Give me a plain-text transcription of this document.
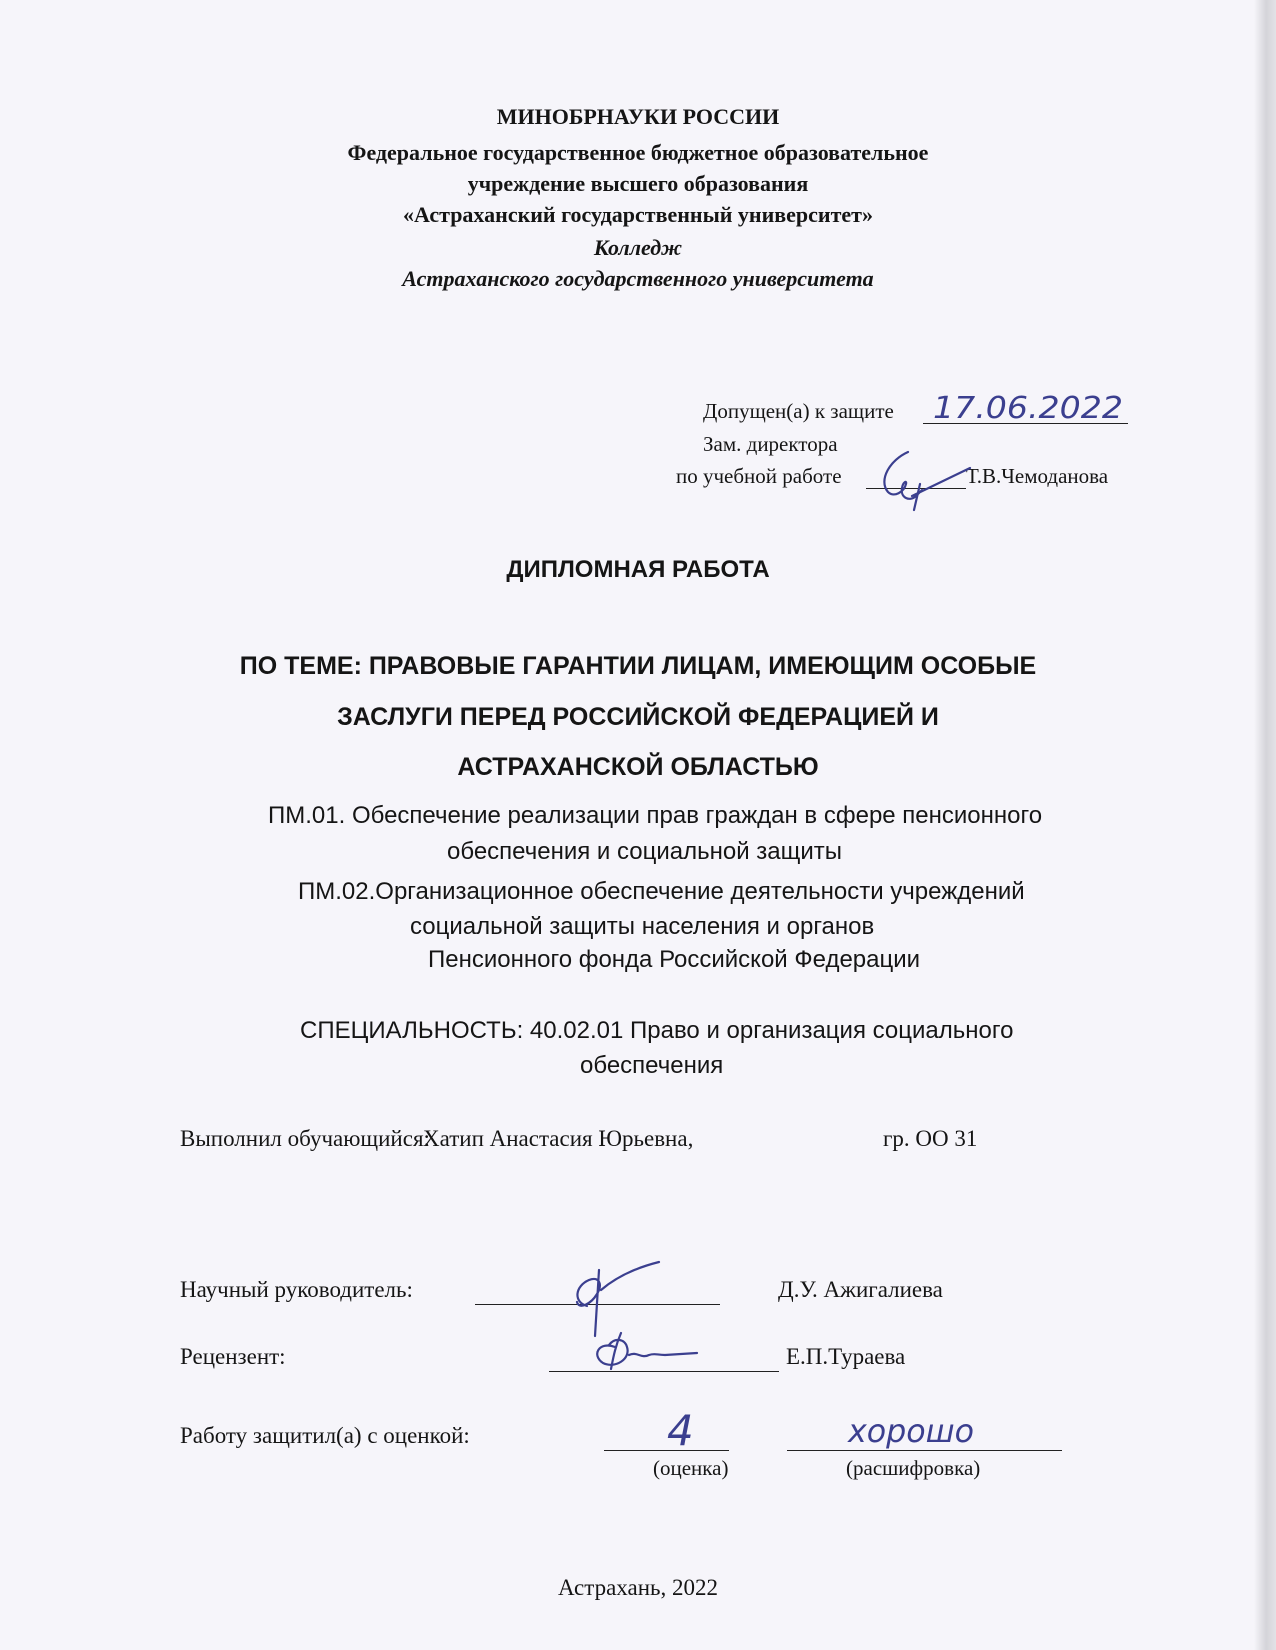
МИНОБРНАУКИ РОССИИ
Федеральное государственное бюджетное образовательное
учреждение высшего образования
«Астраханский государственный университет»
Колледж
Астраханского государственного университета
Допущен(а) к защите 17.06.2022
Зам. директора
по учебной работе	Т.В.Чемоданова
ДИПЛОМНАЯ РАБОТА
ПО ТЕМЕ: ПРАВОВЫЕ ГАРАНТИИ ЛИЦАМ, ИМЕЮЩИМ ОСОБЫЕ
ЗАСЛУГИ ПЕРЕД РОССИЙСКОЙ ФЕДЕРАЦИЕЙ И
АСТРАХАНСКОЙ ОБЛАСТЬЮ
ПМ.01. Обеспечение реализации прав граждан в сфере пенсионного
обеспечения и социальной защиты
ПМ.02.Организационное обеспечение деятельности учреждений
социальной защиты населения и органов
Пенсионного фонда Российской Федерации
СПЕЦИАЛЬНОСТЬ: 40.02.01 Право и организация социального
обеспечения
Выполнил обучающийся:
Хатип Анастасия Юрьевна,	гр. ОО 31
Научный руководитель:	Д.У. Ажигалиева
Рецензент:	Е.П.Тураева
Работу защитил(а) с оценкой:	4	хорошо
(оценка)	(расшифровка)
Астрахань, 2022
